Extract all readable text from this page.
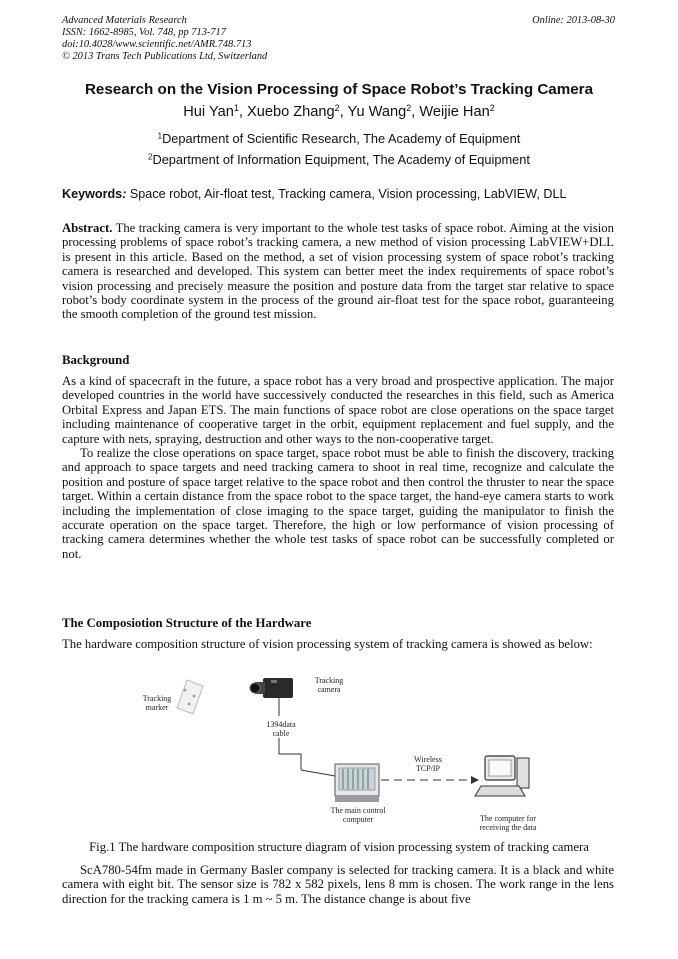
Advanced Materials Research
ISSN: 1662-8985, Vol. 748, pp 713-717
doi:10.4028/www.scientific.net/AMR.748.713
© 2013 Trans Tech Publications Ltd, Switzerland
Online: 2013-08-30
Research on the Vision Processing of Space Robot’s Tracking Camera
Hui Yan$^1$, Xuebo Zhang$^2$, Yu Wang$^2$, Weijie Han$^2$
$^1$Department of Scientific Research, The Academy of Equipment
$^2$Department of Information Equipment, The Academy of Equipment
Keywords: Space robot, Air-float test, Tracking camera, Vision processing, LabVIEW, DLL

Abstract. The tracking camera is very important to the whole test tasks of space robot. Aiming at the vision processing problems of space robot’s tracking camera, a new method of vision processing LabVIEW+DLL is present in this article. Based on the method, a set of vision processing system of space robot’s tracking camera is researched and developed. This system can better meet the index requirements of space robot’s vision processing and precisely measure the position and posture data from the target star relative to space robot’s body coordinate system in the process of the ground air-float test for the space robot, guaranteeing the smooth completion of the ground test mission.

Background

As a kind of spacecraft in the future, a space robot has a very broad and prospective application. The major developed countries in the world have successively conducted the researches in this field, such as America Orbital Express and Japan ETS. The main functions of space robot are close operations on the space target including maintenance of cooperative target in the orbit, equipment replacement and fuel supply, and the capture with nets, spraying, destruction and other ways to the non-cooperative target.

To realize the close operations on space target, space robot must be able to finish the discovery, tracking and approach to space targets and need tracking camera to shoot in real time, recognize and calculate the position and posture of space target relative to the space robot and then control the thruster to near the space target. Within a certain distance from the space robot to the space target, the hand-eye camera starts to work including the implementation of close imaging to the space target, guiding the manipulator to finish the accurate operation on the space target. Therefore, the high or low performance of vision processing of tracking camera determines whether the whole test tasks of space robot can be successfully completed or not.

The Composiotion Structure of the Hardware

The hardware composition structure of vision processing system of tracking camera is showed as below:

Tracking
marker
Tracking
camera
1394data
cable
Wireless
TCP/IP
The main control
computer	The computer for
receiving the data
Fig.1 The hardware composition structure diagram of vision processing system of tracking camera

ScA780-54fm made in Germany Basler company is selected for tracking camera. It is a black and white camera with eight bit. The sensor size is 782 x 582 pixels, lens 8 mm is chosen. The work range in the lens direction for the tracking camera is 1 m ~ 5 m. The distance change is about five
